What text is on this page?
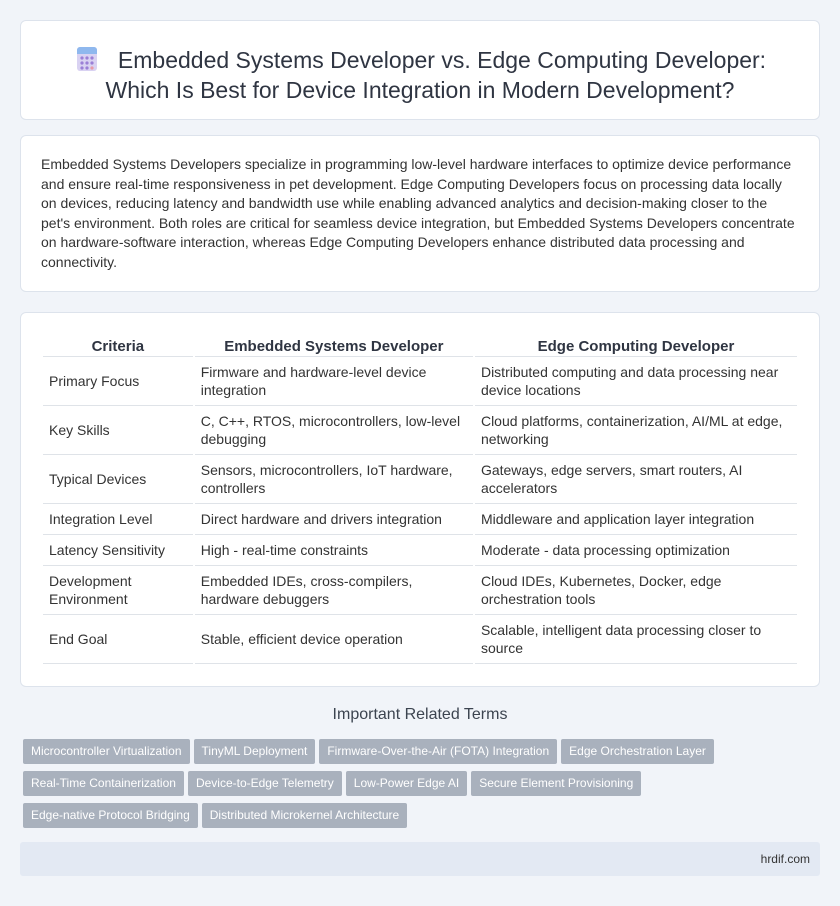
Embedded Systems Developer vs. Edge Computing Developer: Which Is Best for Device Integration in Modern Development?

Embedded Systems Developers specialize in programming low-level hardware interfaces to optimize device performance and ensure real-time responsiveness in pet development. Edge Computing Developers focus on processing data locally on devices, reducing latency and bandwidth use while enabling advanced analytics and decision-making closer to the pet's environment. Both roles are critical for seamless device integration, but Embedded Systems Developers concentrate on hardware-software interaction, whereas Edge Computing Developers enhance distributed data processing and connectivity.

Criteria	Embedded Systems Developer	Edge Computing Developer
Primary Focus	Firmware and hardware-level device integration	Distributed computing and data processing near device locations
Key Skills	C, C++, RTOS, microcontrollers, low-level debugging	Cloud platforms, containerization, AI/ML at edge, networking
Typical Devices	Sensors, microcontrollers, IoT hardware, controllers	Gateways, edge servers, smart routers, AI accelerators
Integration Level	Direct hardware and drivers integration	Middleware and application layer integration
Latency Sensitivity	High - real-time constraints	Moderate - data processing optimization
Development Environment	Embedded IDEs, cross-compilers, hardware debuggers	Cloud IDEs, Kubernetes, Docker, edge orchestration tools
End Goal	Stable, efficient device operation	Scalable, intelligent data processing closer to source
Important Related Terms
Microcontroller Virtualization TinyML Deployment Firmware-Over-the-Air (FOTA) Integration Edge Orchestration Layer
Real-Time Containerization Device-to-Edge Telemetry Low-Power Edge AI Secure Element Provisioning
Edge-native Protocol Bridging Distributed Microkernel Architecture
hrdif.com
